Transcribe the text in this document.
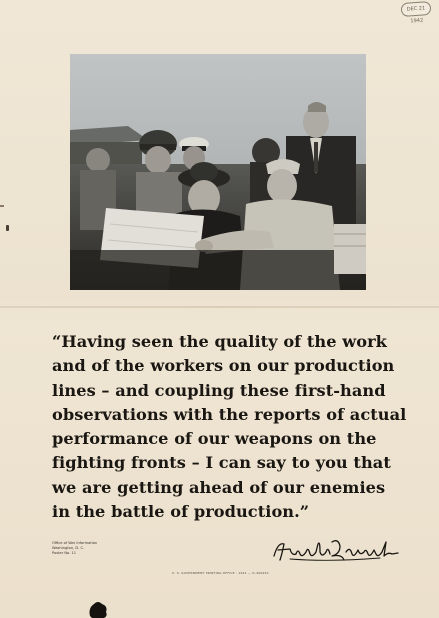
DEC 21 1942
“Having seen the quality of the work
and of the workers on our production
lines – and coupling these first-hand
observations with the reports of actual
performance of our weapons on the
fighting fronts – I can say to you that
we are getting ahead of our enemies
in the battle of production.”
Office of War Information
Washington, D. C.
Poster No. 11
U. S. GOVERNMENT PRINTING OFFICE : 1942 — O-499450
